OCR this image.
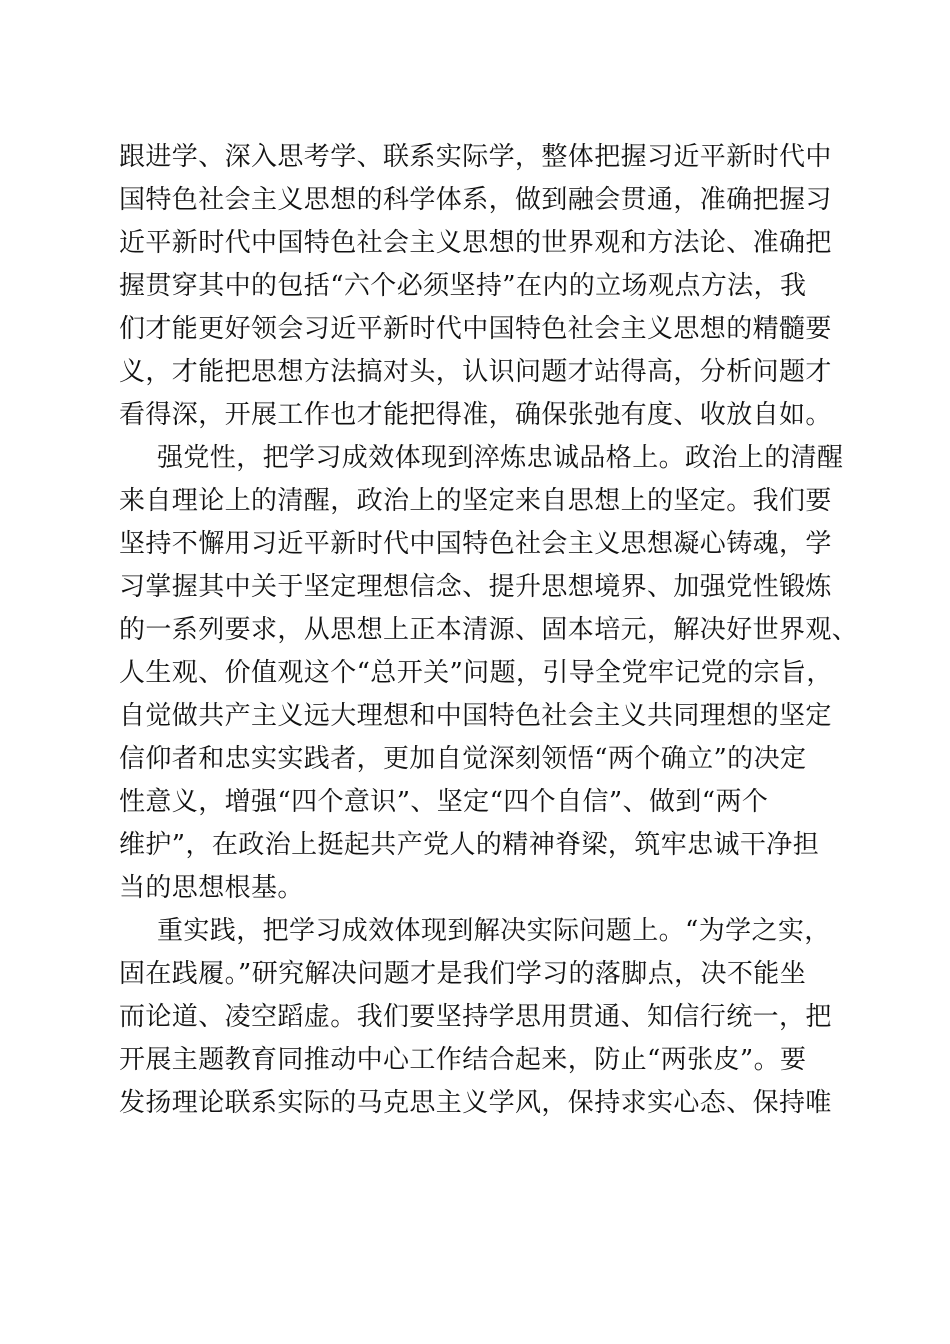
跟进学、深入思考学、联系实际学，整体把握习近平新时代中
国特色社会主义思想的科学体系，做到融会贯通，准确把握习
近平新时代中国特色社会主义思想的世界观和方法论、准确把
握贯穿其中的包括“六个必须坚持”在内的立场观点方法，我
们才能更好领会习近平新时代中国特色社会主义思想的精髓要
义，才能把思想方法搞对头，认识问题才站得高，分析问题才
看得深，开展工作也才能把得准，确保张弛有度、收放自如。
强党性，把学习成效体现到淬炼忠诚品格上。政治上的清醒
来自理论上的清醒，政治上的坚定来自思想上的坚定。我们要
坚持不懈用习近平新时代中国特色社会主义思想凝心铸魂，学
习掌握其中关于坚定理想信念、提升思想境界、加强党性锻炼
的一系列要求，从思想上正本清源、固本培元，解决好世界观、
人生观、价值观这个“总开关”问题，引导全党牢记党的宗旨，
自觉做共产主义远大理想和中国特色社会主义共同理想的坚定
信仰者和忠实实践者，更加自觉深刻领悟“两个确立”的决定
性意义，增强“四个意识”、坚定“四个自信”、做到“两个
维护”，在政治上挺起共产党人的精神脊梁，筑牢忠诚干净担
当的思想根基。
重实践，把学习成效体现到解决实际问题上。“为学之实，
固在践履。”研究解决问题才是我们学习的落脚点，决不能坐
而论道、凌空蹈虚。我们要坚持学思用贯通、知信行统一，把
开展主题教育同推动中心工作结合起来，防止“两张皮”。要
发扬理论联系实际的马克思主义学风，保持求实心态、保持唯
